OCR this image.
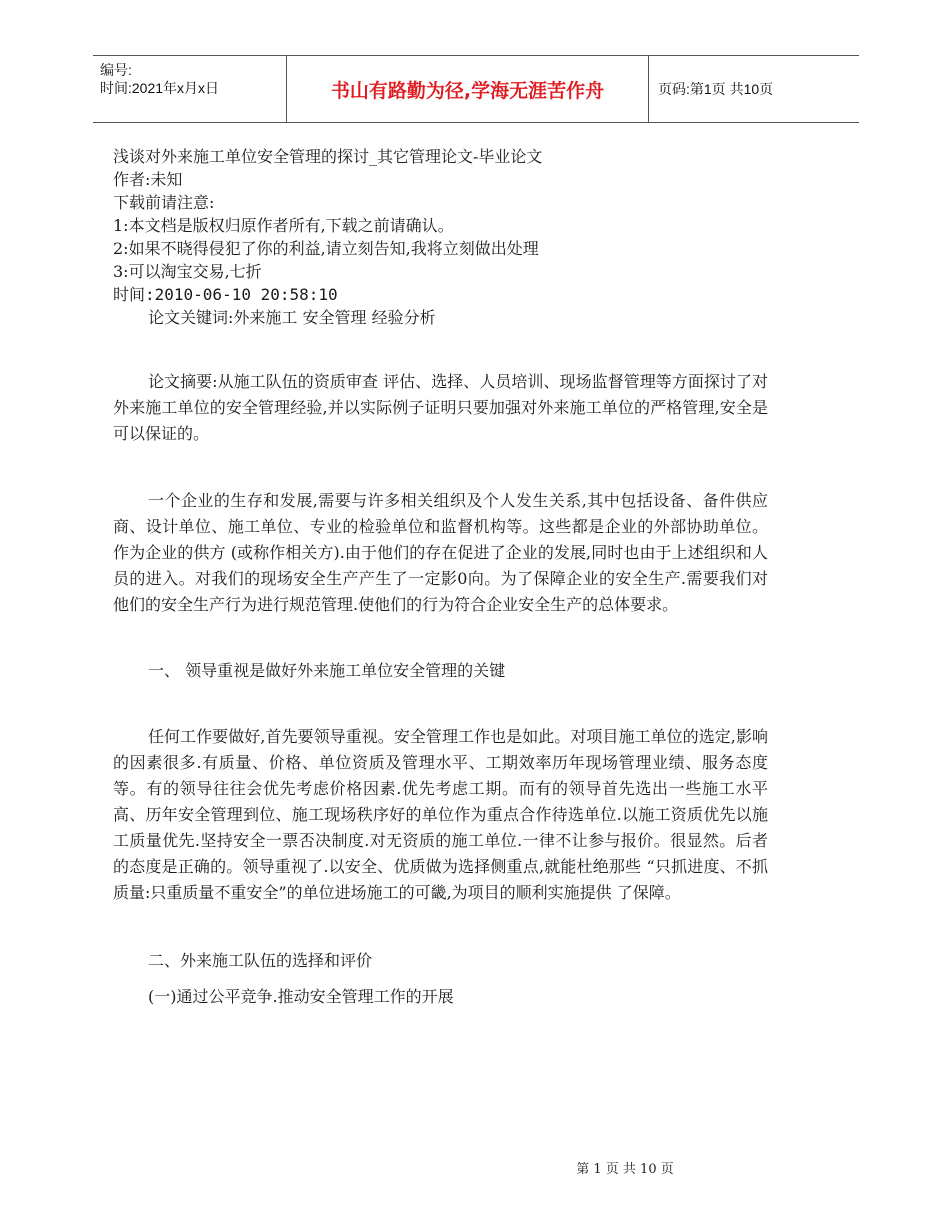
编号:
时间:2021年x月x日	书山有路勤为径,学海无涯苦作舟	页码:第1页 共10页
浅谈对外来施工单位安全管理的探讨_其它管理论文-毕业论文
作者:未知
下载前请注意:
1:本文档是版权归原作者所有,下载之前请确认。
2:如果不晓得侵犯了你的利益,请立刻告知,我将立刻做出处理
3:可以淘宝交易,七折
时间:2010-06-10 20:58:10
论文关键词:外来施工 安全管理 经验分析

论文摘要:从施工队伍的资质审查 评估、选择、人员培训、现场监督管理等方面探讨了对外来施工单位的安全管理经验,并以实际例子证明只要加强对外来施工单位的严格管理,安全是可以保证的。

一个企业的生存和发展,需要与许多相关组织及个人发生关系,其中包括设备、备件供应商、设计单位、施工单位、专业的检验单位和监督机构等。这些都是企业的外部协助单位。作为企业的供方 (或称作相关方).由于他们的存在促进了企业的发展,同时也由于上述组织和人员的进入。对我们的现场安全生产产生了一定影0向。为了保障企业的安全生产.需要我们对他们的安全生产行为进行规范管理.使他们的行为符合企业安全生产的总体要求。

一、 领导重视是做好外来施工单位安全管理的关键

任何工作要做好,首先要领导重视。安全管理工作也是如此。对项目施工单位的选定,影响的因素很多.有质量、价格、单位资质及管理水平、工期效率历年现场管理业绩、服务态度等。有的领导往往会优先考虑价格因素.优先考虑工期。而有的领导首先选出一些施工水平高、历年安全管理到位、施工现场秩序好的单位作为重点合作待选单位.以施工资质优先以施工质量优先.坚持安全一票否决制度.对无资质的施工单位.一律不让参与报价。很显然。后者的态度是正确的。领导重视了.以安全、优质做为选择侧重点,就能杜绝那些 “只抓进度、不抓质量:只重质量不重安全”的单位进场施工的可畿,为项目的顺利实施提供 了保障。

二、外来施工队伍的选择和评价

(一)通过公平竞争.推动安全管理工作的开展

第 1 页 共 10 页
